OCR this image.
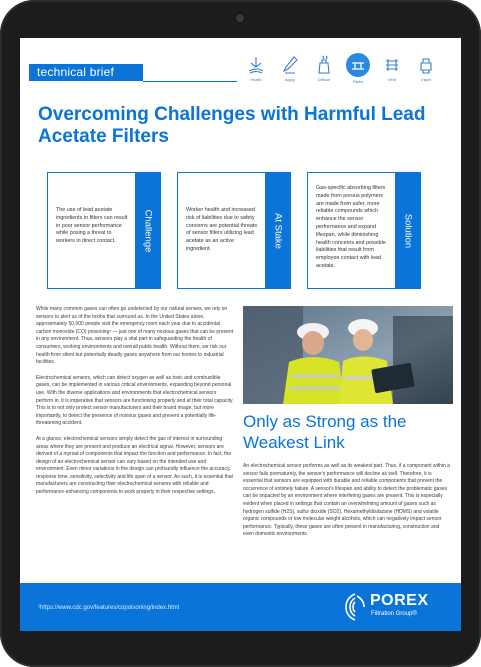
technical brief
Health	Apply	Diffuse	Pipes	Vent	Inkjet
Overcoming Challenges with Harmful Lead Acetate Filters
The use of lead acetate ingredients in filters can result in poor sensor performance while posing a threat to workers in direct contact.	Challenge	Worker health and increased risk of liabilities due to safety concerns are potential threats of sensor filters utilizing lead acetate as an active ingredient.
At Stake
Gas-specific absorbing filters made from porous polymers are made from safer, more reliable compounds which enhance the sensor performance and expand lifespan, while diminishing health concerns and possible liabilities that result from employee contact with lead acetate.
Solution

While many common gases can often go undetected by our natural senses, we rely on sensors to alert us of the toxins that surround us. In the United States alone, approximately 50,000 people visit the emergency room each year due to accidental carbon monoxide (CO) poisoning¹ — just one of many noxious gases that can be present in any environment. Thus, sensors play a vital part in safeguarding the health of consumers, working environments and overall public health. Without them, we risk our health from silent but potentially deadly gases anywhere from our homes to industrial facilities.

Electrochemical sensors, which can detect oxygen as well as toxic and combustible gases, can be implemented in various critical environments, expanding beyond personal use. With the diverse applications and environments that electrochemical sensors perform in, it is imperative that sensors are functioning properly and at their total capacity. This is to not only protect sensor manufacturers and their brand image, but more importantly, to detect the presence of noxious gases and prevent a potentially life-threatening accident.

At a glance, electrochemical sensors simply detect the gas of interest in surrounding areas where they are present and produce an electrical signal. However, sensors are derived of a myriad of components that impact the function and performance. In fact, the design of an electrochemical sensor can vary based on the intended use and environment. Even minor variations in the design can profoundly influence the accuracy, response time, sensitivity, selectivity and life span of a sensor. As such, it is essential that manufacturers are constructing their electrochemical sensors with reliable and performance-enhancing components to work properly in their respective settings.

Only as Strong as the Weakest Link

An electrochemical sensor performs as well as its weakest part. Thus, if a component within a sensor fails prematurely, the sensor's performance will decline as well. Therefore, it is essential that sensors are equipped with durable and reliable components that prevent the occurrence of untimely failure. A sensor's lifespan and ability to detect the problematic gases can be impacted by an environment where interfering gases are present. This is especially evident when placed in settings that contain an overwhelming amount of gases such as hydrogen sulfide (H2S), sulfur dioxide (SO2), Hexamethyldisilazane (HDMS) and volatile organic compounds or low molecular weight alcohols, which can negatively impact sensor performance. Typically, these gases are often present in manufacturing, construction and even domestic environments.

¹https://www.cdc.gov/features/copoisoning/index.html	POREX
Filtration Group®
